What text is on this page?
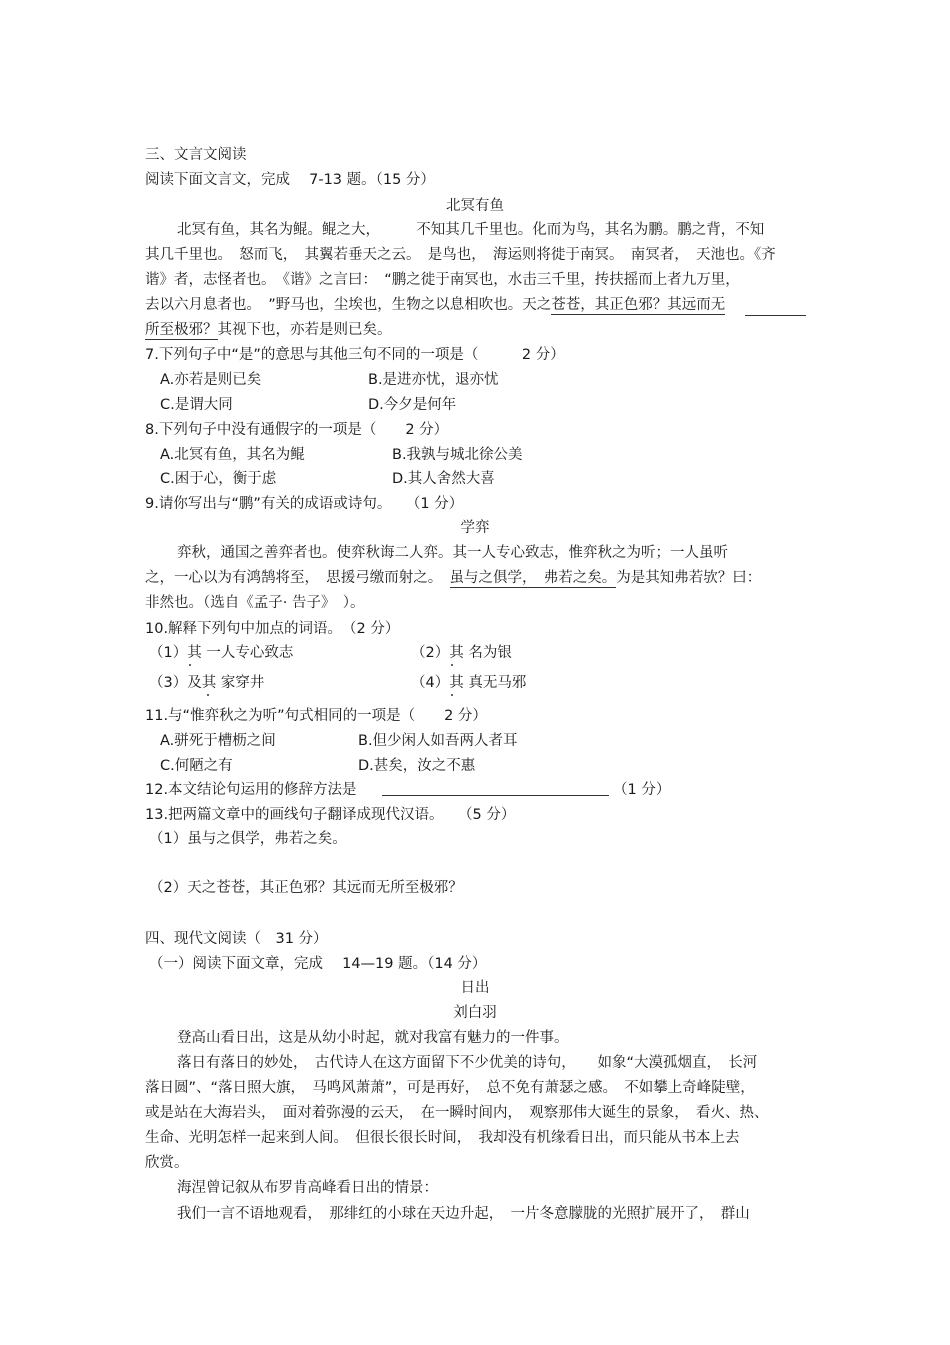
三、文言文阅读
阅读下面文言文，完成　 7-13 题。（15 分）
北冥有鱼
北冥有鱼，其名为鲲。鲲之大，　　　不知其几千里也。化而为鸟，其名为鹏。鹏之背，不知
其几千里也。　怒而飞，　其翼若垂天之云。　是鸟也，　海运则将徙于南冥。　南冥者，　天池也。《齐
谐》者，志怪者也。　《谐》之言曰：　“鹏之徙于南冥也，水击三千里，抟扶摇而上者九万里，
去以六月息者也。　”野马也，尘埃也，生物之以息相吹也。天之苍苍，其正色邪？其远而无
所至极邪？其视下也，亦若是则已矣。
7.下列句子中“是”的意思与其他三句不同的一项是（　　　2 分）
A.亦若是则已矣	B.是进亦忧，退亦忧
C.是谓大同	D.今夕是何年
8.下列句子中没有通假字的一项是（　　2 分）
A.北冥有鱼，其名为鲲	B.我孰与城北徐公美
C.困于心，衡于虑	D.其人舍然大喜
9.请你写出与“鹏”有关的成语或诗句。　　（1 分）
学弈
弈秋，通国之善弈者也。使弈秋诲二人弈。其一人专心致志，惟弈秋之为听；一人虽听
之，一心以为有鸿鹄将至，　思援弓缴而射之。　虽与之俱学，　弗若之矣。为是其知弗若欤？曰：
非然也。（选自《孟子· 告子》　）。
10.解释下列句中加点的词语。　（2 分）
（1）其 一人专心致志	（2）其 名为银
（3）及其 家穿井	（4）其 真无马邪
11.与“惟弈秋之为听”句式相同的一项是（　　2 分）
A.骈死于槽枥之间	B.但少闲人如吾两人者耳
C.何陋之有	D.甚矣，汝之不惠
12.本文结论句运用的修辞方法是	（1 分）
13.把两篇文章中的画线句子翻译成现代汉语。　　（5 分）
（1）虽与之俱学，弗若之矣。
（2）天之苍苍，其正色邪？其远而无所至极邪？
四、现代文阅读（　31 分）
（一）阅读下面文章，完成　 14—19 题。（14 分）
日出
刘白羽
登高山看日出，这是从幼小时起，就对我富有魅力的一件事。
落日有落日的妙处，　古代诗人在这方面留下不少优美的诗句，　　如象“大漠孤烟直，　长河
落日圆”、“落日照大旗，　马鸣风萧萧”，可是再好，　总不免有萧瑟之感。　不如攀上奇峰陡壁，
或是站在大海岩头，　面对着弥漫的云天，　在一瞬时间内，　观察那伟大诞生的景象，　看火、热、
生命、光明怎样一起来到人间。　但很长很长时间，　我却没有机缘看日出，而只能从书本上去
欣赏。
海涅曾记叙从布罗肯高峰看日出的情景：
我们一言不语地观看，　那绯红的小球在天边升起，　一片冬意朦胧的光照扩展开了，　群山
